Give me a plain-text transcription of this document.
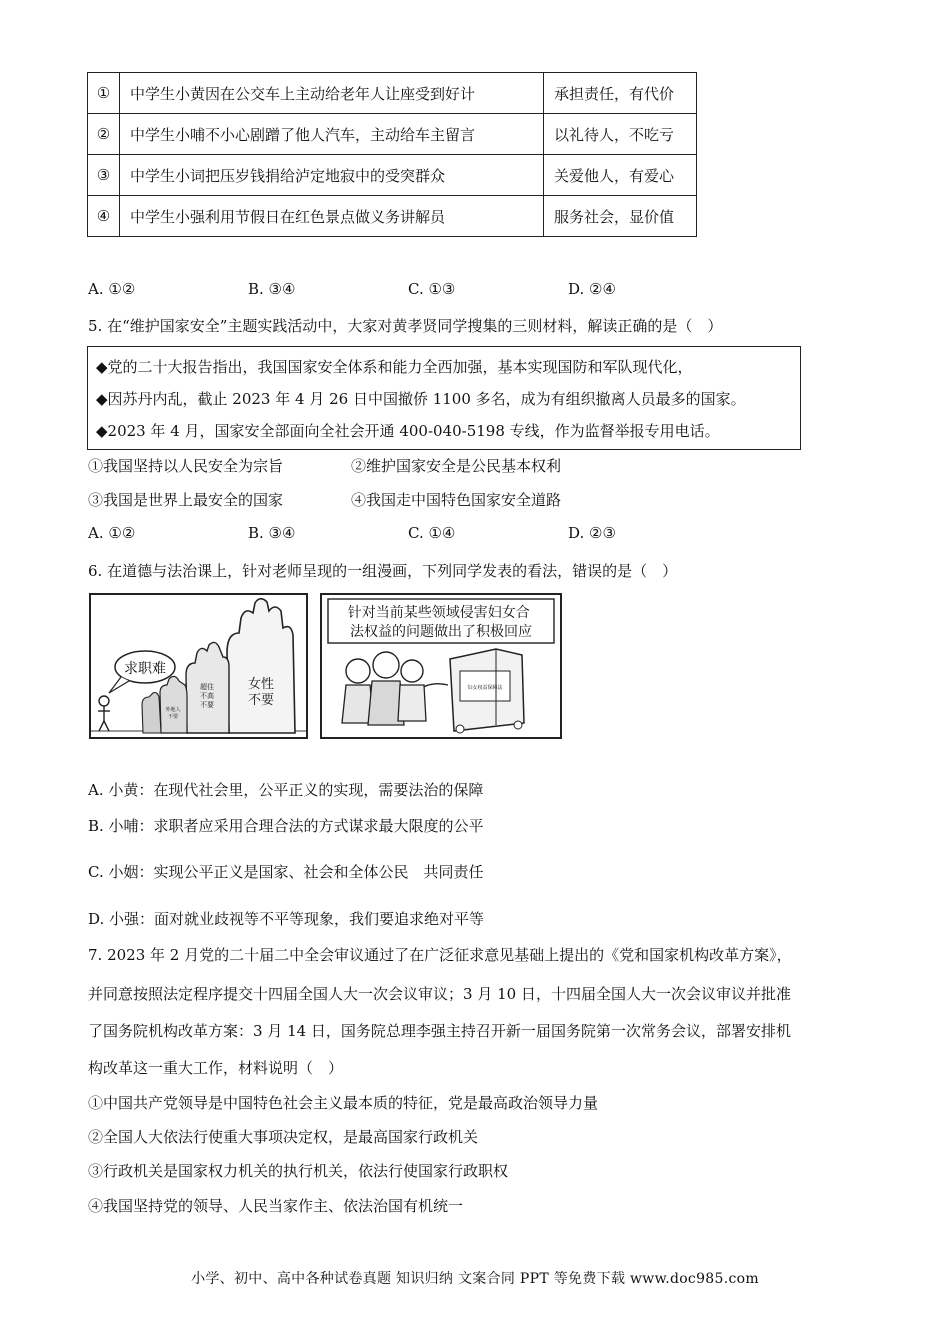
①	中学生小黄因在公交车上主动给老年人让座受到好计	承担责任，有代价
②	中学生小哺不小心剧蹭了他人汽车，主动给车主留言	以礼待人，不吃亏
③	中学生小词把压岁钱捐给泸定地寂中的受突群众	关爱他人，有爱心
④	中学生小强利用节假日在红色景点做义务讲解员	服务社会，显价值
A. ①②	B. ③④	C. ①③	D. ②④
5. 在“维护国家安全”主题实践活动中，大家对黄孝贤同学搜集的三则材料，解读正确的是（　）
◆党的二十大报告指出，我国国家安全体系和能力全西加强，基本实现国防和军队现代化，
◆因苏丹内乱，截止 2023 年 4 月 26 日中国撤侨 1100 多名，成为有组织撤离人员最多的国家。
◆2023 年 4 月，国家安全部面向全社会开通 400-040-5198 专线，作为监督举报专用电话。
①我国坚持以人民安全为宗旨	②维护国家安全是公民基本权利
③我国是世界上最安全的国家	④我国走中国特色国家安全道路
A. ①②	B. ③④	C. ①④	D. ②③
6. 在道德与法治课上，针对老师呈现的一组漫画，下列同学发表的看法，错误的是（　）
求职难
女性不要
超住不高不要
外地人不要
针对当前某些领域侵害妇女合 法权益的问题做出了积极回应
妇女权益保障法
A. 小黄：在现代社会里，公平正义的实现，需要法治的保障
B. 小哺：求职者应采用合理合法的方式谋求最大限度的公平
C. 小姻：实现公平正义是国家、社会和全体公民　共同责任
D. 小强：面对就业歧视等不平等现象，我们要追求绝对平等
7. 2023 年 2 月党的二十届二中全会审议通过了在广泛征求意见基础上提出的《党和国家机构改革方案》，
并同意按照法定程序提交十四届全国人大一次会议审议；3 月 10 日，十四届全国人大一次会议审议并批准
了国务院机构改革方案：3 月 14 日，国务院总理李强主持召开新一届国务院第一次常务会议，部署安排机
构改革这一重大工作，材料说明（　）
①中国共产党领导是中国特色社会主义最本质的特征，党是最高政治领导力量
②全国人大依法行使重大事项决定权，是最高国家行政机关
③行政机关是国家权力机关的执行机关，依法行使国家行政职权
④我国坚持党的领导、人民当家作主、依法治国有机统一
小学、初中、高中各种试卷真题 知识归纳 文案合同 PPT 等免费下载 www.doc985.com
